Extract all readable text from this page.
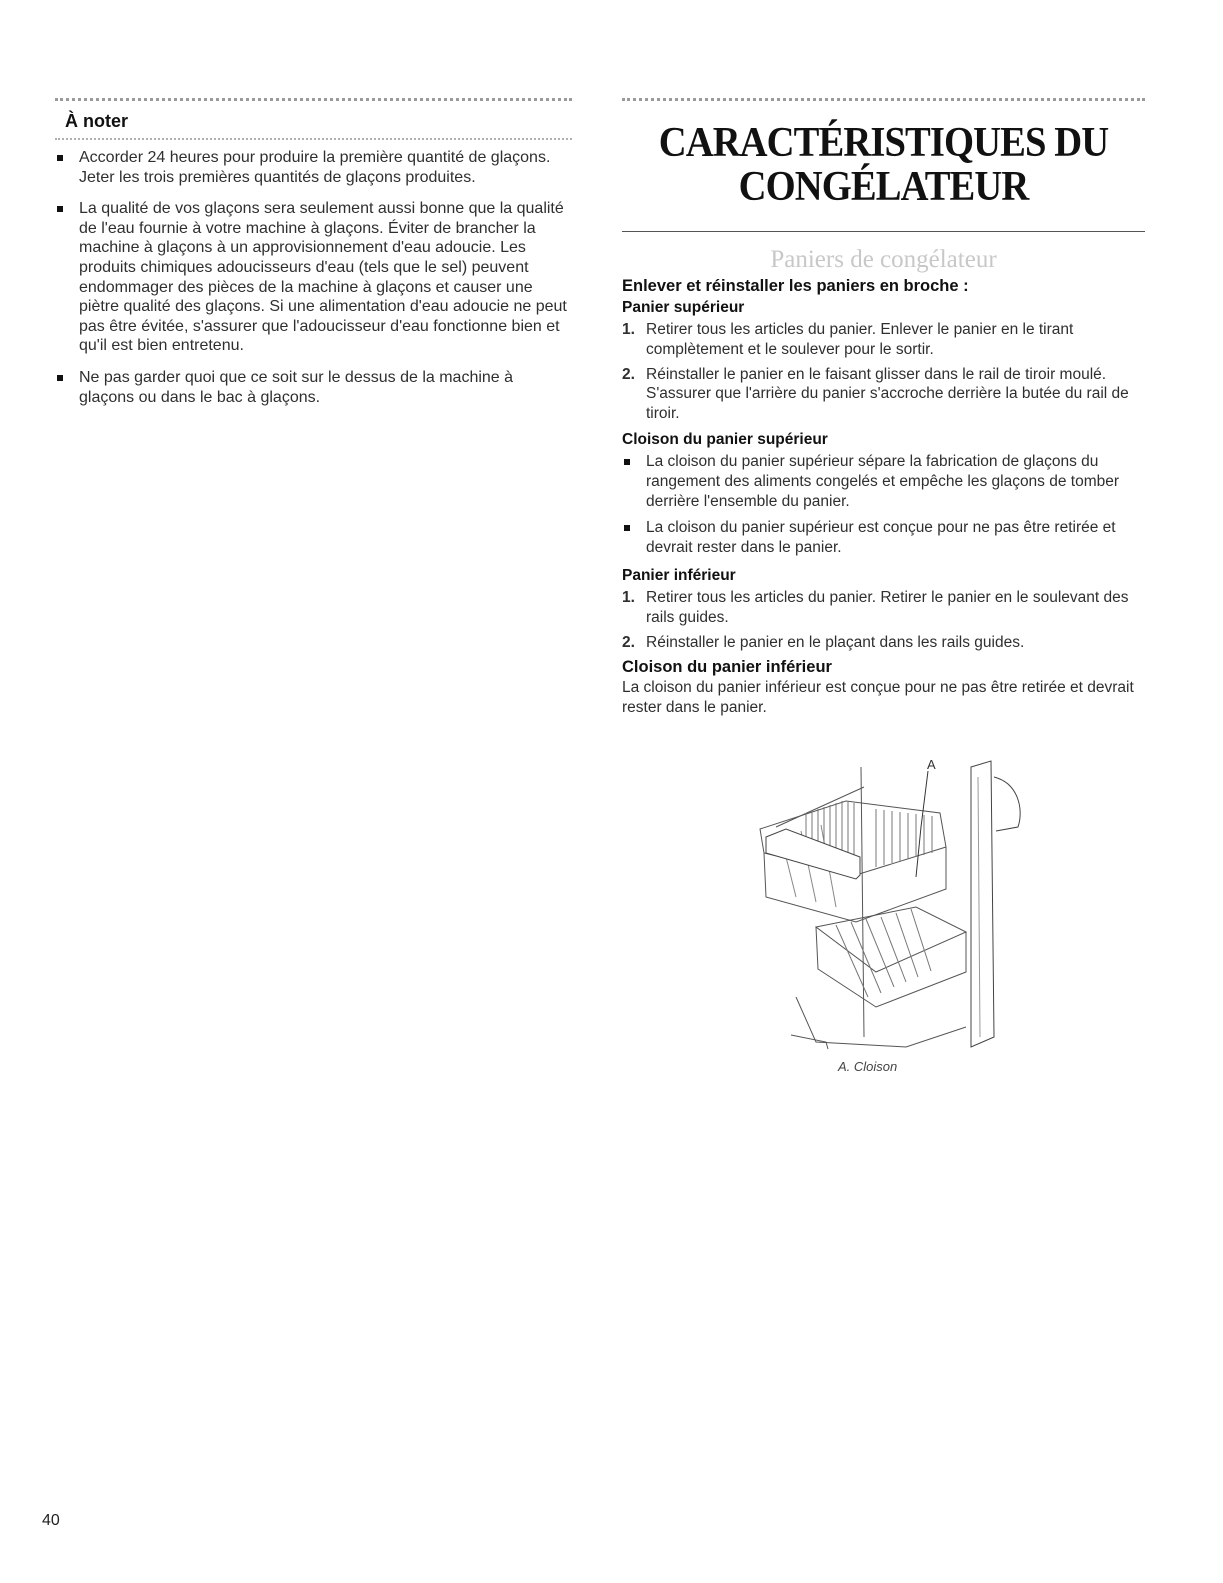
À noter
Accorder 24 heures pour produire la première quantité de glaçons. Jeter les trois premières quantités de glaçons produites.
La qualité de vos glaçons sera seulement aussi bonne que la qualité de l'eau fournie à votre machine à glaçons. Éviter de brancher la machine à glaçons à un approvisionnement d'eau adoucie. Les produits chimiques adoucisseurs d'eau (tels que le sel) peuvent endommager des pièces de la machine à glaçons et causer une piètre qualité des glaçons. Si une alimentation d'eau adoucie ne peut pas être évitée, s'assurer que l'adoucisseur d'eau fonctionne bien et qu'il est bien entretenu.
Ne pas garder quoi que ce soit sur le dessus de la machine à glaçons ou dans le bac à glaçons.
CARACTÉRISTIQUES DU
CONGÉLATEUR
Paniers de congélateur

Enlever et réinstaller les paniers en broche :

Panier supérieur

1. Retirer tous les articles du panier. Enlever le panier en le tirant complètement et le soulever pour le sortir.
2. Réinstaller le panier en le faisant glisser dans le rail de tiroir moulé. S'assurer que l'arrière du panier s'accroche derrière la butée du rail de tiroir.

Cloison du panier supérieur

La cloison du panier supérieur sépare la fabrication de glaçons du rangement des aliments congelés et empêche les glaçons de tomber derrière l'ensemble du panier.
La cloison du panier supérieur est conçue pour ne pas être retirée et devrait rester dans le panier.

Panier inférieur

1. Retirer tous les articles du panier. Retirer le panier en le soulevant des rails guides.
2. Réinstaller le panier en le plaçant dans les rails guides.

Cloison du panier inférieur

La cloison du panier inférieur est conçue pour ne pas être retirée et devrait rester dans le panier.

A
A. Cloison
40
